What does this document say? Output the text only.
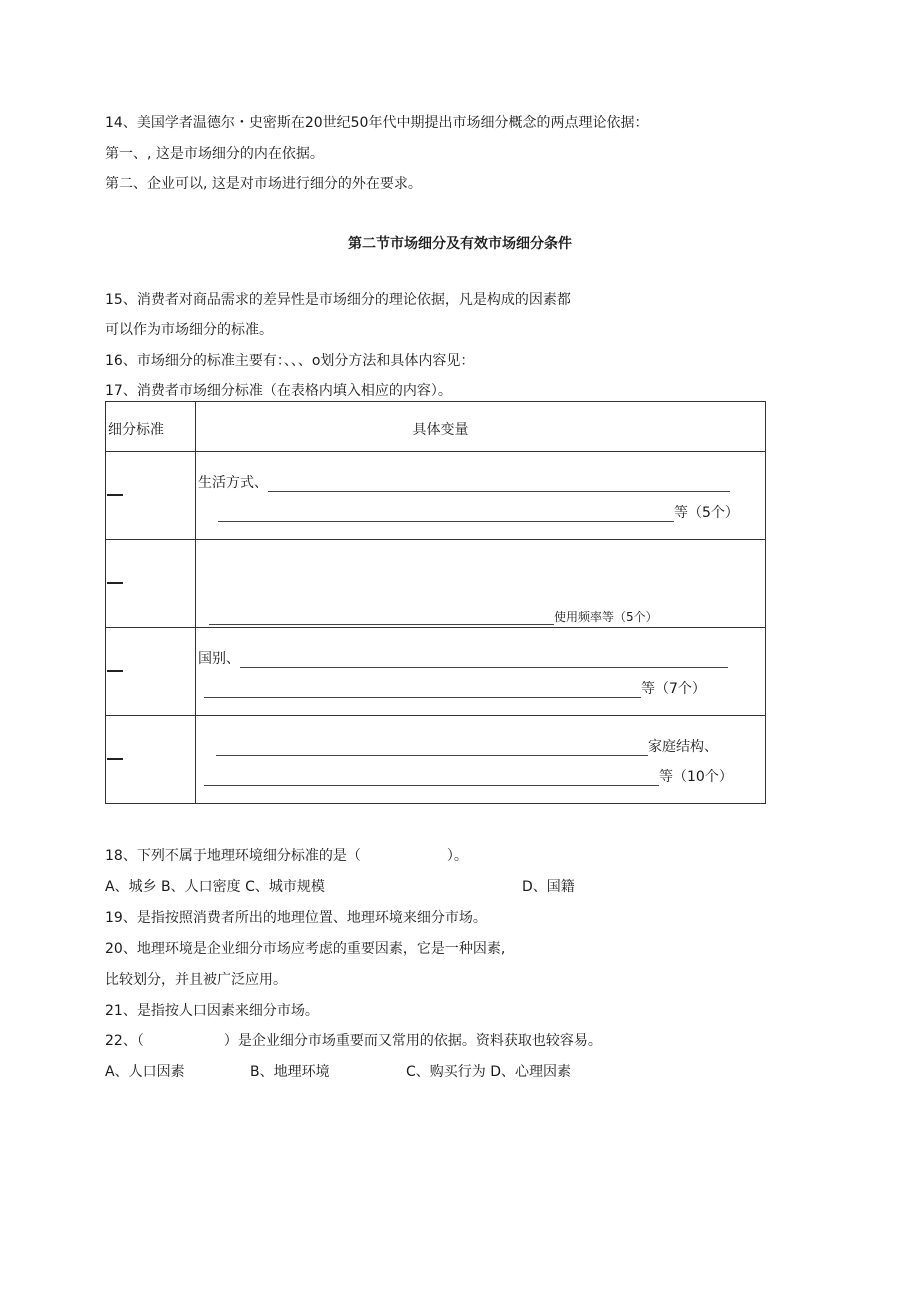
14、美国学者温德尔・史密斯在20世纪50年代中期提出市场细分概念的两点理论依据：
第一、, 这是市场细分的内在依据。
第二、企业可以, 这是对市场进行细分的外在要求。
第二节市场细分及有效市场细分条件
15、消费者对商品需求的差异性是市场细分的理论依据，凡是构成的因素都
可以作为市场细分的标准。
16、市场细分的标准主要有：、、、o划分方法和具体内容见：
17、消费者市场细分标准（在表格内填入相应的内容）。
细分标准	具体变量

	生活方式、
等（5个）

	使用频率等（5个）

	国别、
等（7个）

	家庭结构、
等（10个）
18、下列不属于地理环境细分标准的是（	）。
A、城乡 B、人口密度 C、城市规模	D、国籍
19、是指按照消费者所出的地理位置、地理环境来细分市场。
20、地理环境是企业细分市场应考虑的重要因素，它是一种因素,
比较划分，并且被广泛应用。
21、是指按人口因素来细分市场。
22、（	）是企业细分市场重要而又常用的依据。资料获取也较容易。
A、人口因素	B、地理环境	C、购买行为 D、心理因素
